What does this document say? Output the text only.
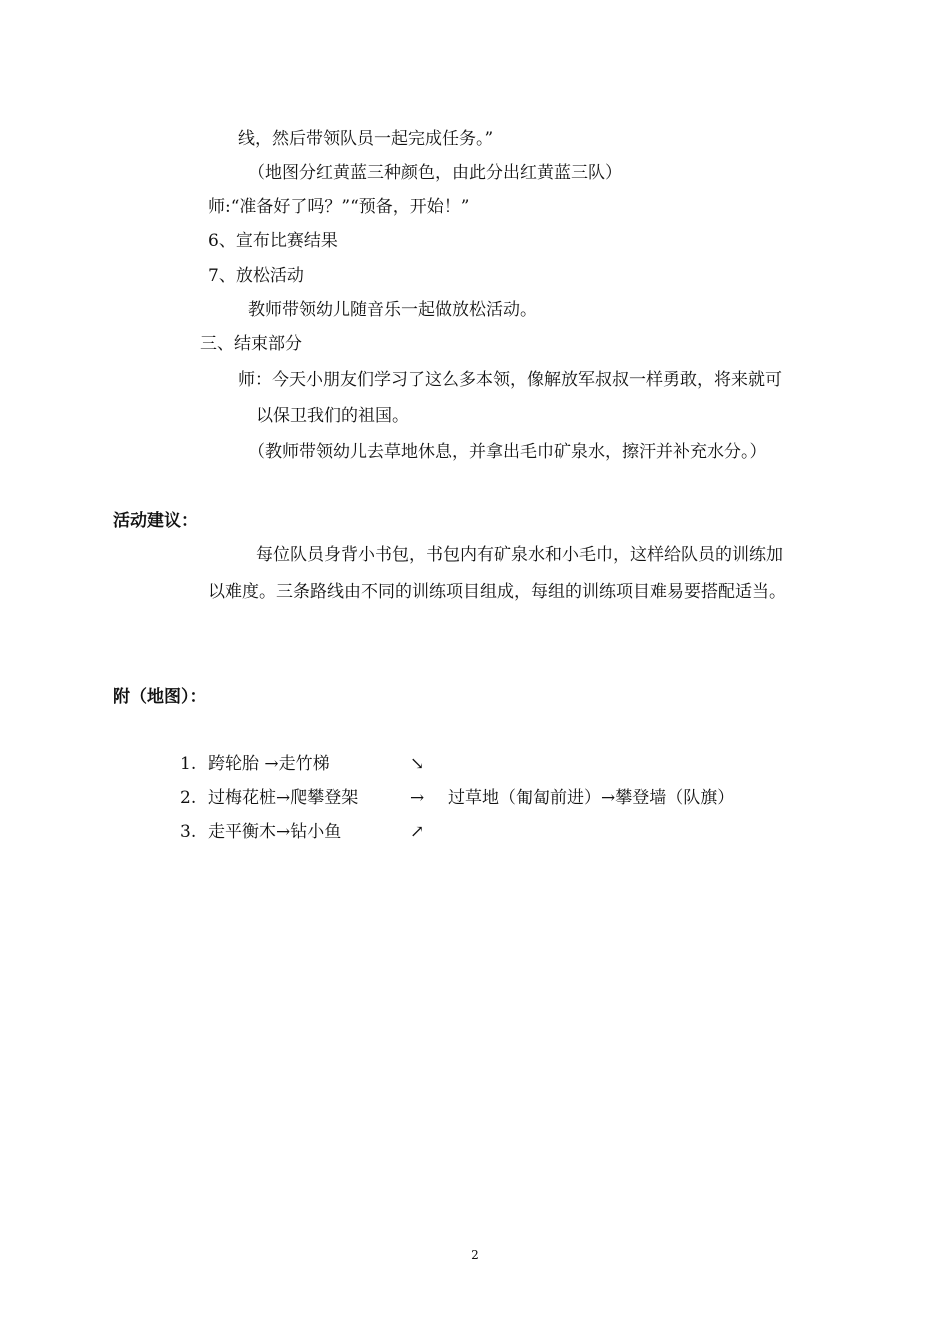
线，然后带领队员一起完成任务。”
（地图分红黄蓝三种颜色，由此分出红黄蓝三队）
师:“准备好了吗？”“预备，开始！”
6、宣布比赛结果
7、放松活动
教师带领幼儿随音乐一起做放松活动。
三、结束部分
师：今天小朋友们学习了这么多本领，像解放军叔叔一样勇敢，将来就可
以保卫我们的祖国。
（教师带领幼儿去草地休息，并拿出毛巾矿泉水，擦汗并补充水分。）
活动建议：
每位队员身背小书包，书包内有矿泉水和小毛巾，这样给队员的训练加
以难度。三条路线由不同的训练项目组成，每组的训练项目难易要搭配适当。
附（地图）：
1. 跨轮胎 →走竹梯	↘
2. 过梅花桩→爬攀登架	→ 过草地（匍匐前进）→攀登墙（队旗）
3. 走平衡木→钻小鱼	↗
2
